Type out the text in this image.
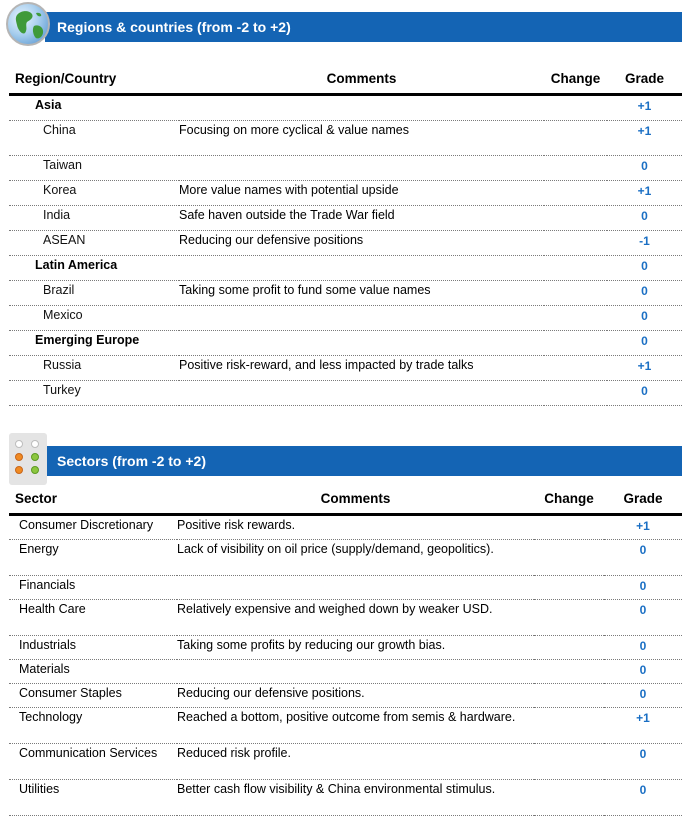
Regions & countries (from -2 to +2)
Region/Country	Comments	Change	Grade
Asia			+1
China	Focusing on more cyclical & value names		+1
Taiwan			0
Korea	More value names with potential upside		+1
India	Safe haven outside the Trade War field		0
ASEAN	Reducing our defensive positions		-1
Latin America			0
Brazil	Taking some profit to fund some value names		0
Mexico			0
Emerging Europe			0
Russia	Positive risk-reward, and less impacted by trade talks		+1
Turkey			0
Sectors (from -2 to +2)
Sector	Comments	Change	Grade
Consumer Discretionary	Positive risk rewards.		+1
Energy	Lack of visibility on oil price (supply/demand, geopolitics).		0
Financials			0
Health Care	Relatively expensive and weighed down by weaker USD.		0
Industrials	Taking some profits by reducing our growth bias.		0
Materials			0
Consumer Staples	Reducing our defensive positions.		0
Technology	Reached a bottom, positive outcome from semis & hardware.		+1
Communication Services	Reduced risk profile.		0
Utilities	Better cash flow visibility & China environmental stimulus.		0
